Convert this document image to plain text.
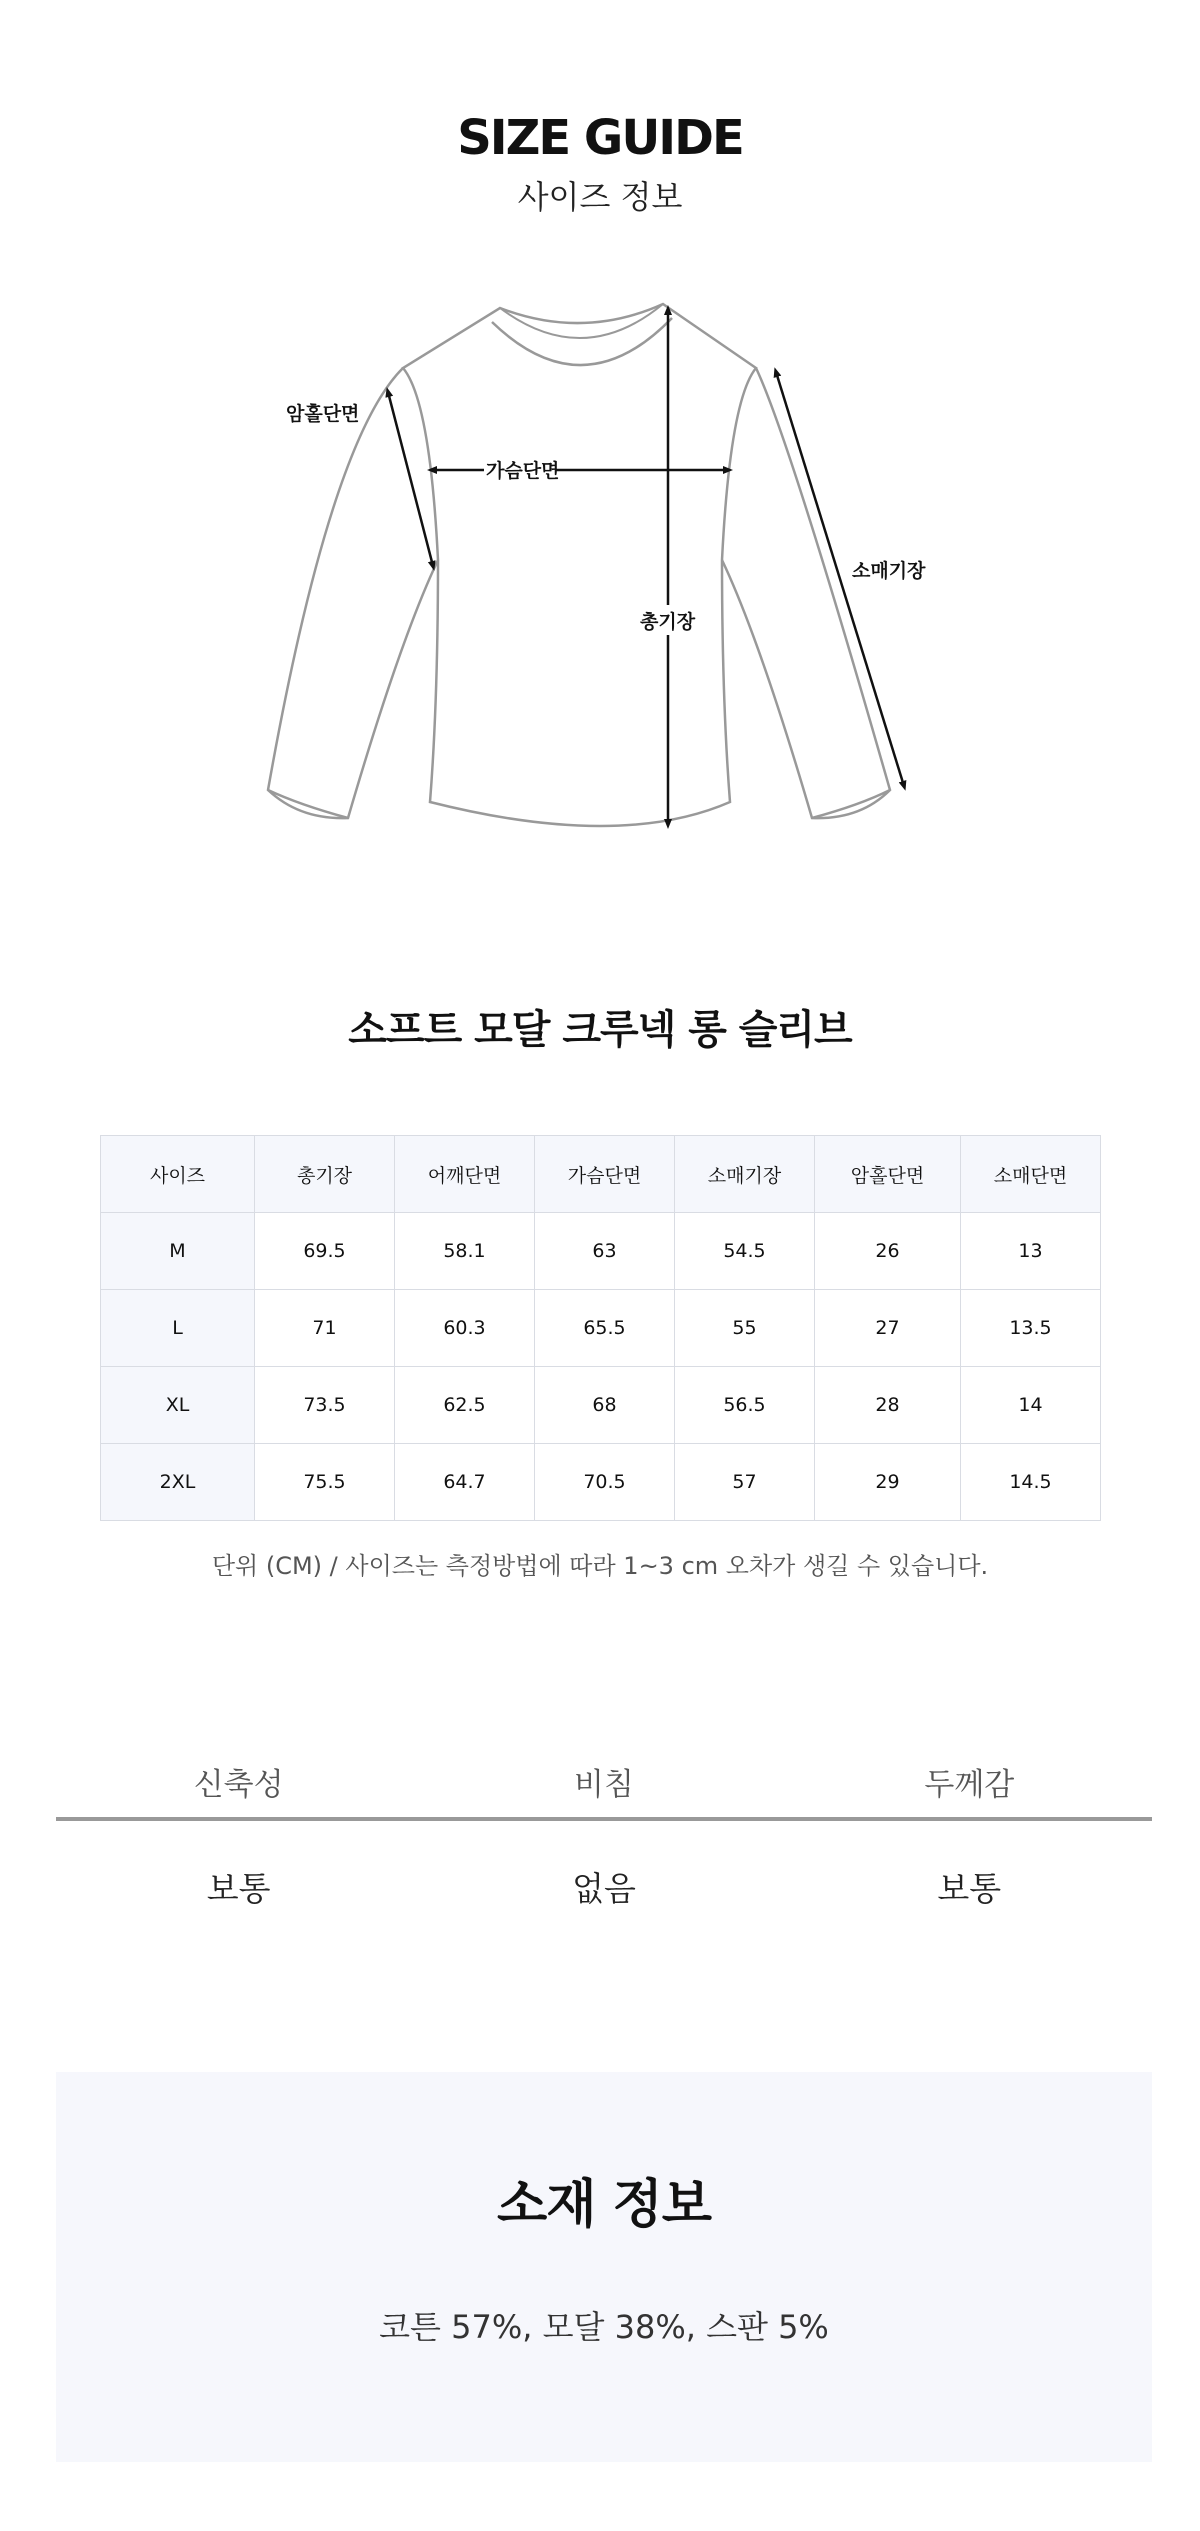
SIZE GUIDE
사이즈 정보
암홀단면
가슴단면
총기장
소매기장
소프트 모달 크루넥 롱 슬리브
사이즈	총기장	어깨단면	가슴단면	소매기장	암홀단면	소매단면
M	69.5	58.1	63	54.5	26	13
L	71	60.3	65.5	55	27	13.5
XL	73.5	62.5	68	56.5	28	14
2XL	75.5	64.7	70.5	57	29	14.5
단위 (CM) / 사이즈는 측정방법에 따라 1~3 cm 오차가 생길 수 있습니다.
신축성	비침	두께감
보통	없음	보통
소재 정보
코튼 57%, 모달 38%, 스판 5%
